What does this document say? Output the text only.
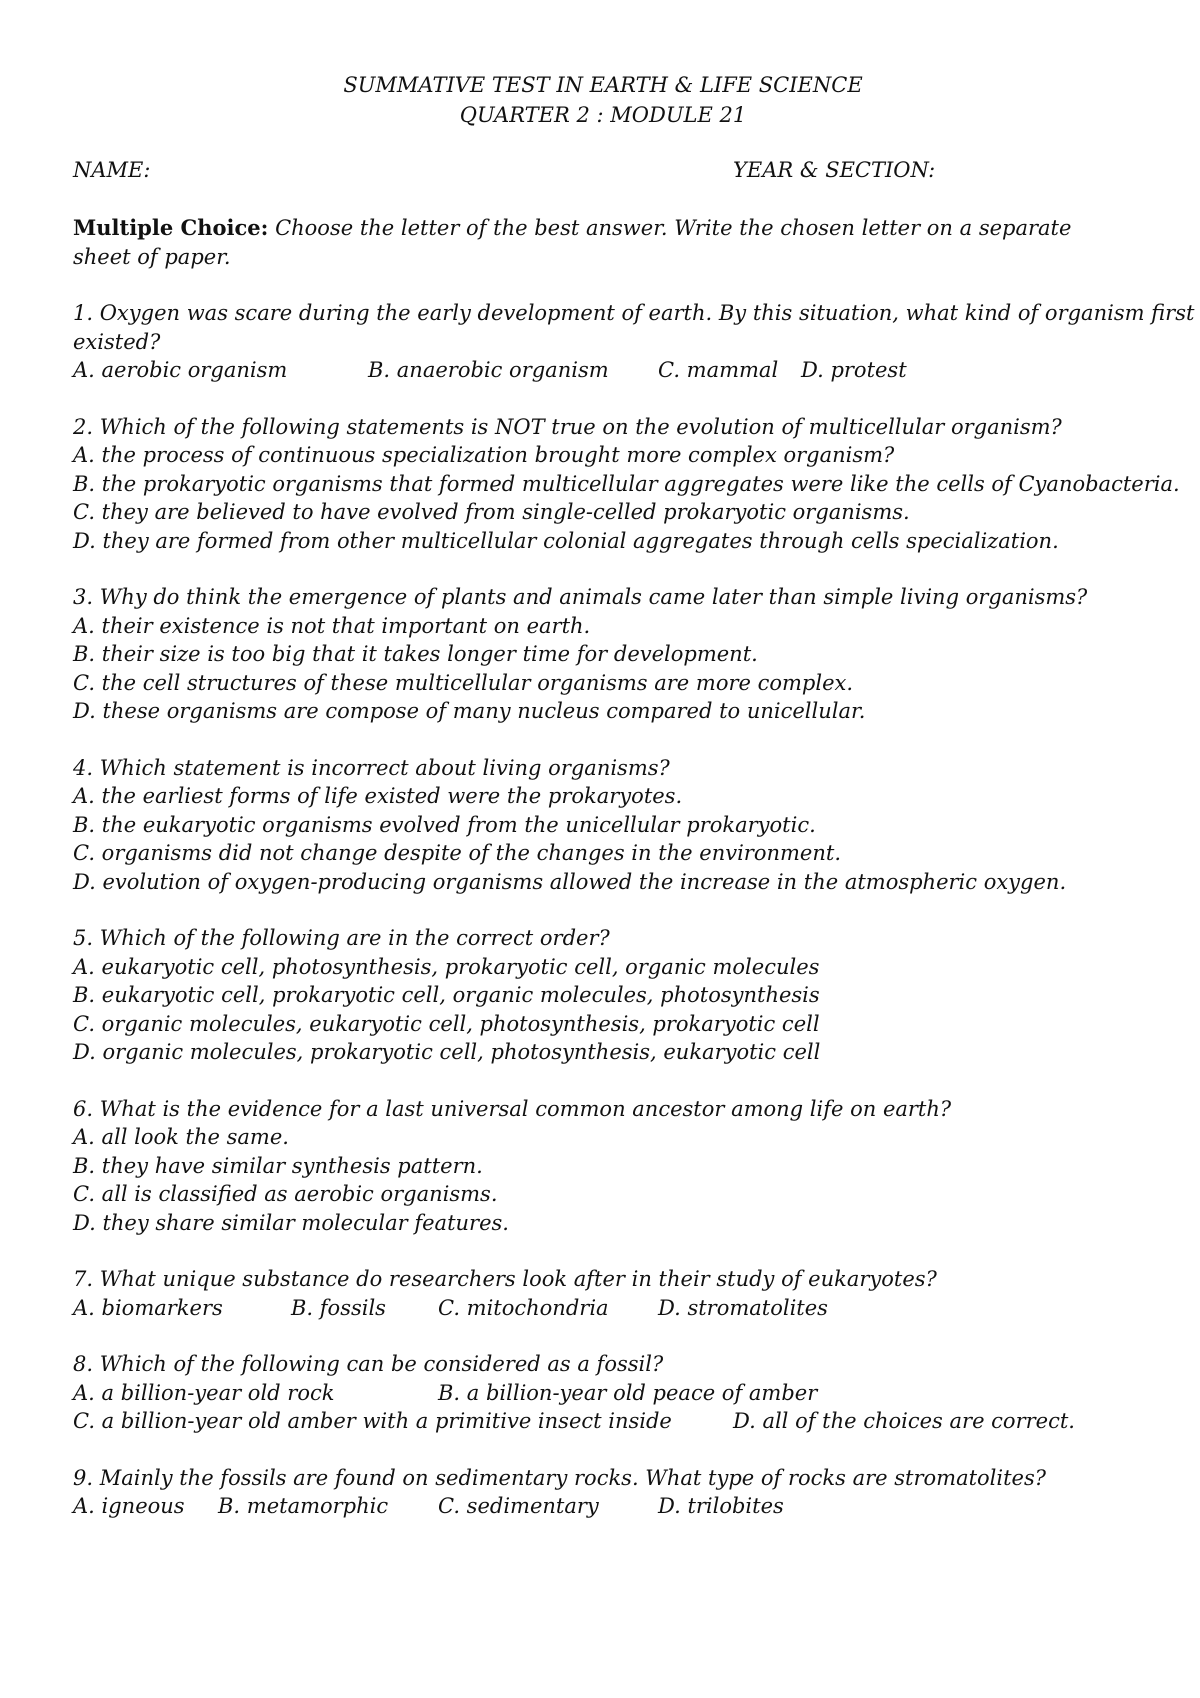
SUMMATIVE TEST IN EARTH & LIFE SCIENCE
QUARTER 2 : MODULE 21
NAME:	YEAR & SECTION:
Multiple Choice: Choose the letter of the best answer. Write the chosen letter on a separate sheet of paper.
1. Oxygen was scare during the early development of earth. By this situation, what kind of organism first
existed?
A. aerobic organism	B. anaerobic organism C. mammal D. protest
2. Which of the following statements is NOT true on the evolution of multicellular organism?
A. the process of continuous specialization brought more complex organism?
B. the prokaryotic organisms that formed multicellular aggregates were like the cells of Cyanobacteria.
C. they are believed to have evolved from single-celled prokaryotic organisms.
D. they are formed from other multicellular colonial aggregates through cells specialization.
3. Why do think the emergence of plants and animals came later than simple living organisms?
A. their existence is not that important on earth.
B. their size is too big that it takes longer time for development.
C. the cell structures of these multicellular organisms are more complex.
D. these organisms are compose of many nucleus compared to unicellular.
4. Which statement is incorrect about living organisms?
A. the earliest forms of life existed were the prokaryotes.
B. the eukaryotic organisms evolved from the unicellular prokaryotic.
C. organisms did not change despite of the changes in the environment.
D. evolution of oxygen-producing organisms allowed the increase in the atmospheric oxygen.
5. Which of the following are in the correct order?
A. eukaryotic cell, photosynthesis, prokaryotic cell, organic molecules
B. eukaryotic cell, prokaryotic cell, organic molecules, photosynthesis
C. organic molecules, eukaryotic cell, photosynthesis, prokaryotic cell
D. organic molecules, prokaryotic cell, photosynthesis, eukaryotic cell
6. What is the evidence for a last universal common ancestor among life on earth?
A. all look the same.
B. they have similar synthesis pattern.
C. all is classified as aerobic organisms.
D. they share similar molecular features.
7. What unique substance do researchers look after in their study of eukaryotes?
A. biomarkers	B. fossils C. mitochondria D. stromatolites
8. Which of the following can be considered as a fossil?
A. a billion-year old rock	B. a billion-year old peace of amber
C. a billion-year old amber with a primitive insect inside	D. all of the choices are correct.
9. Mainly the fossils are found on sedimentary rocks. What type of rocks are stromatolites?
A. igneous B. metamorphic C. sedimentary	D. trilobites
